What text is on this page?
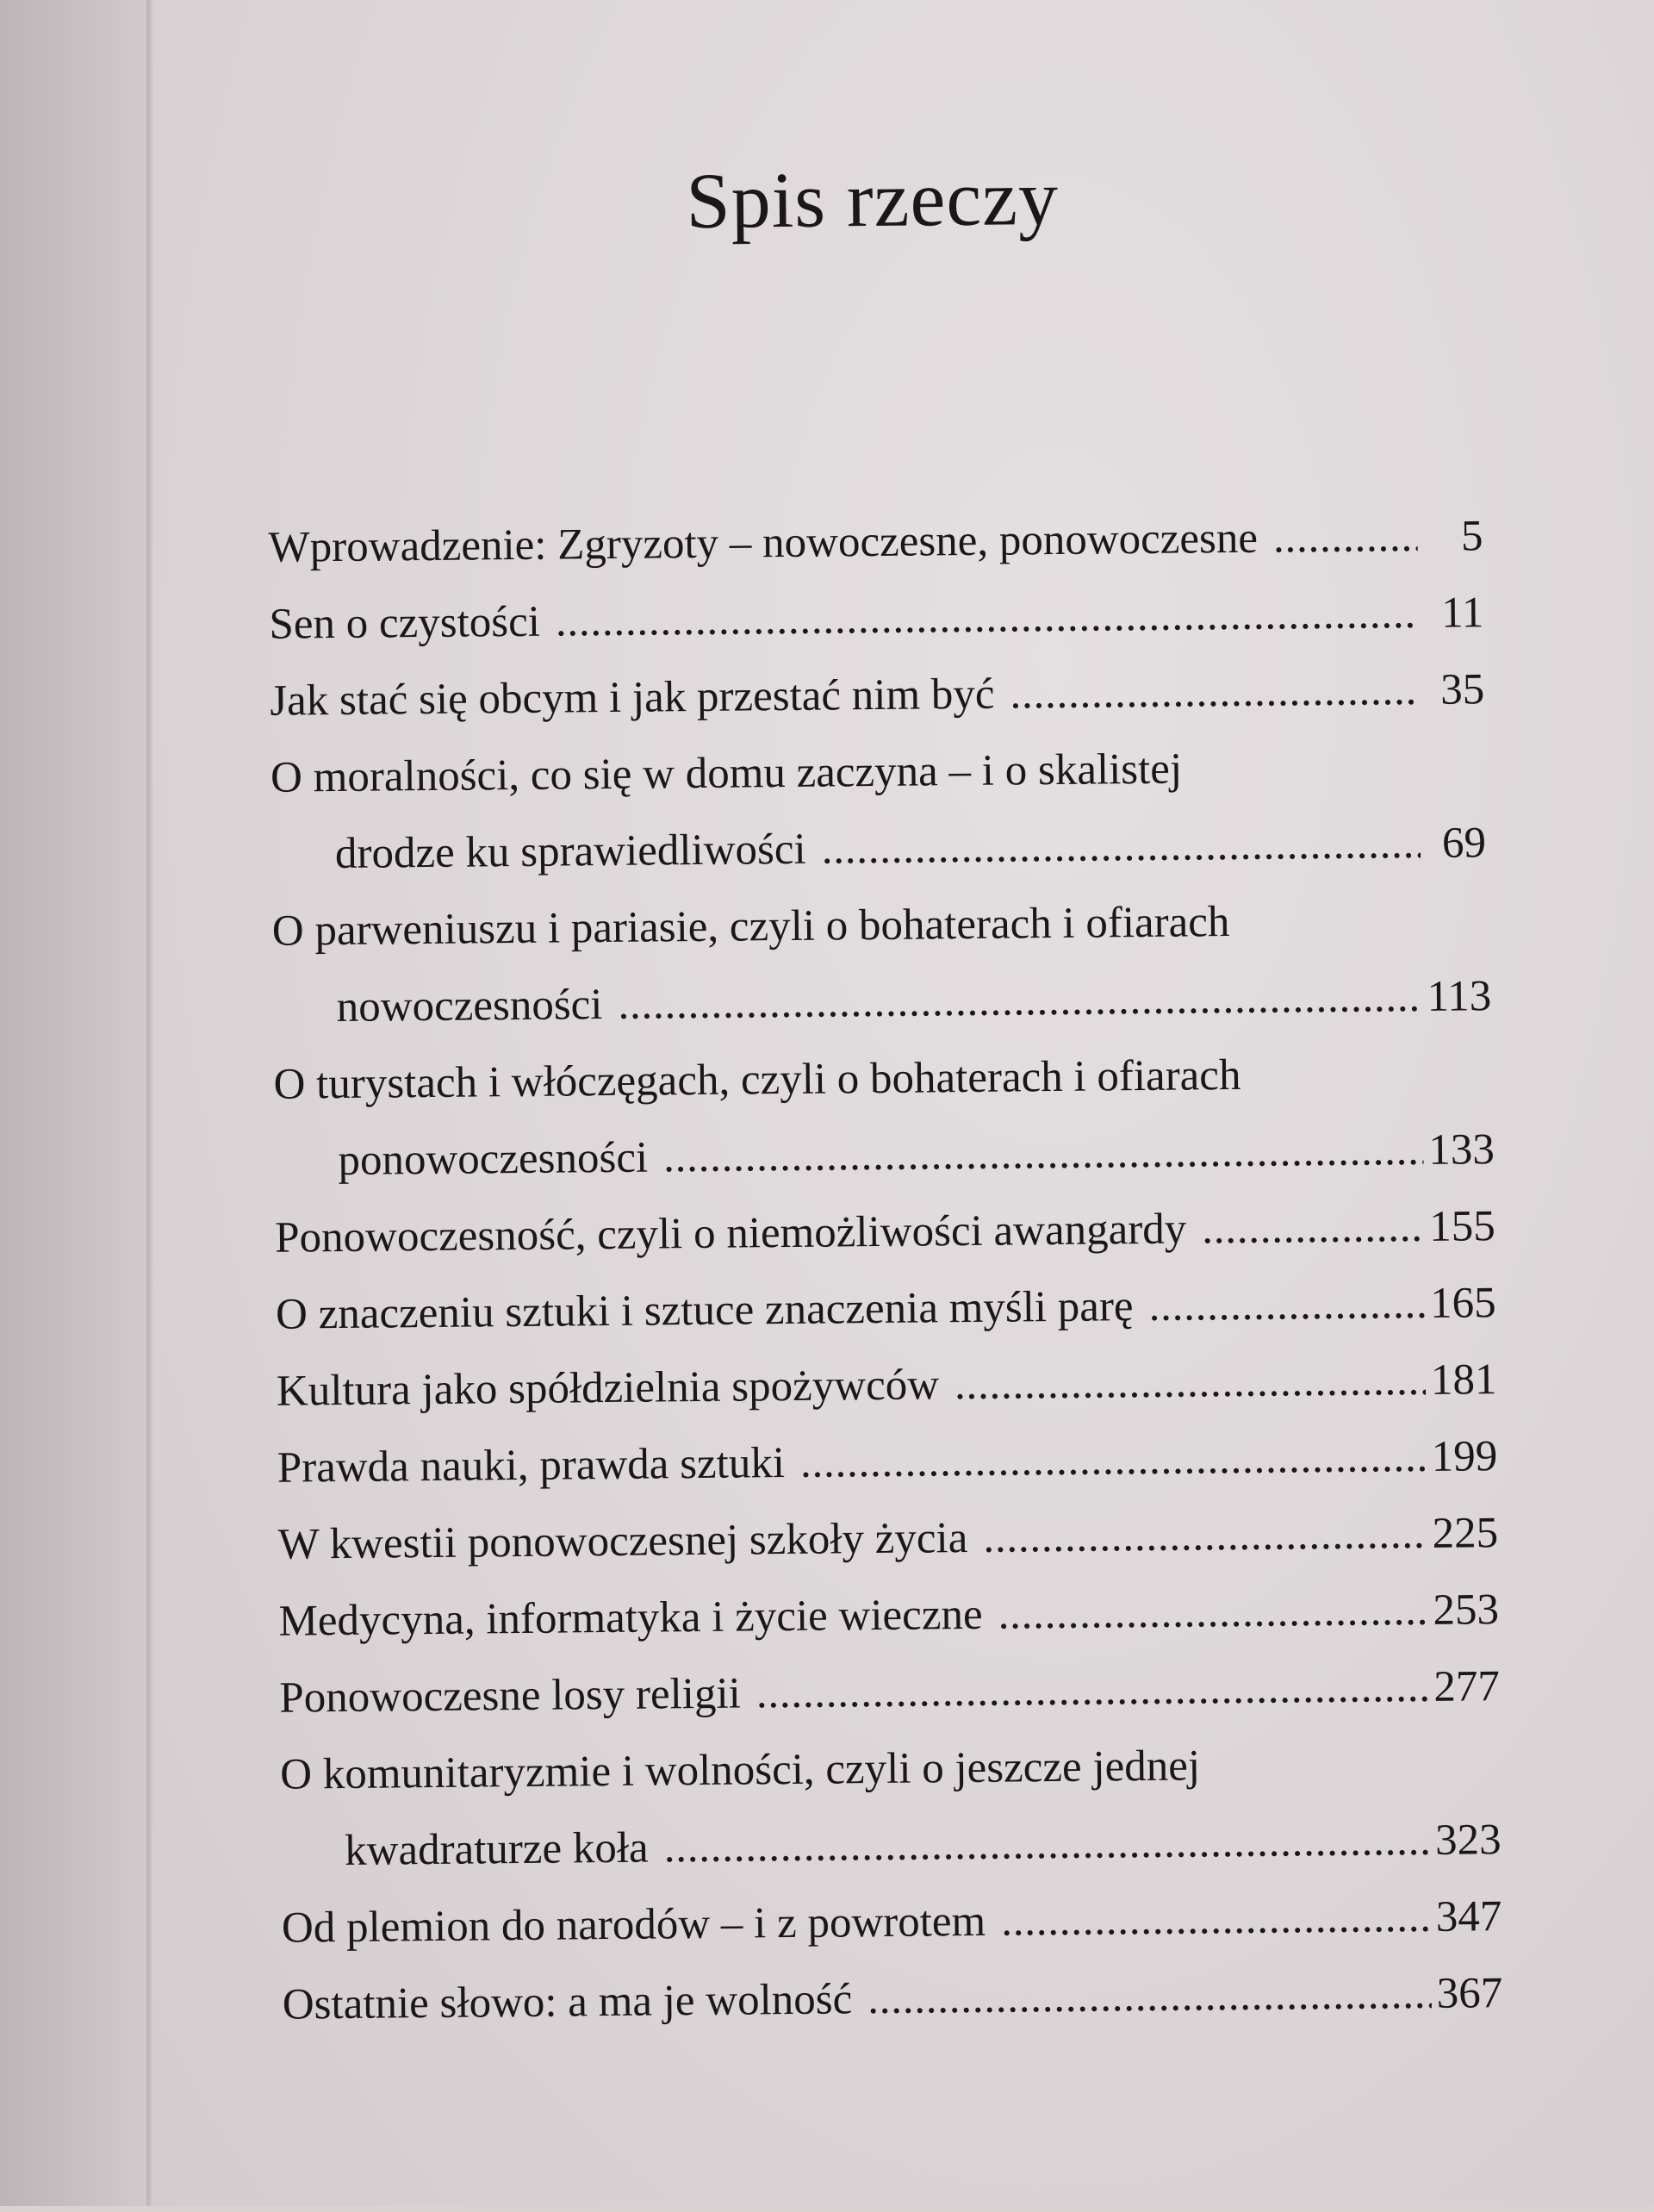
Spis rzeczy
Wprowadzenie: Zgryzoty – nowoczesne, ponowoczesne . . .	5
Sen o czystości . . .	11
Jak stać się obcym i jak przestać nim być . . .	35
O moralności, co się w domu zaczyna – i o skalistej
drodze ku sprawiedliwości . . .	69
O parweniuszu i pariasie, czyli o bohaterach i ofiarach
nowoczesności . . .	113
O turystach i włóczęgach, czyli o bohaterach i ofiarach
ponowoczesności . . .	133
Ponowoczesność, czyli o niemożliwości awangardy . . .	155
O znaczeniu sztuki i sztuce znaczenia myśli parę . . .	165
Kultura jako spółdzielnia spożywców . . .	181
Prawda nauki, prawda sztuki . . .	199
W kwestii ponowoczesnej szkoły życia . . .	225
Medycyna, informatyka i życie wieczne . . .	253
Ponowoczesne losy religii . . .	277
O komunitaryzmie i wolności, czyli o jeszcze jednej
kwadraturze koła . . .	323
Od plemion do narodów – i z powrotem . . .	347
Ostatnie słowo: a ma je wolność . . .	367
